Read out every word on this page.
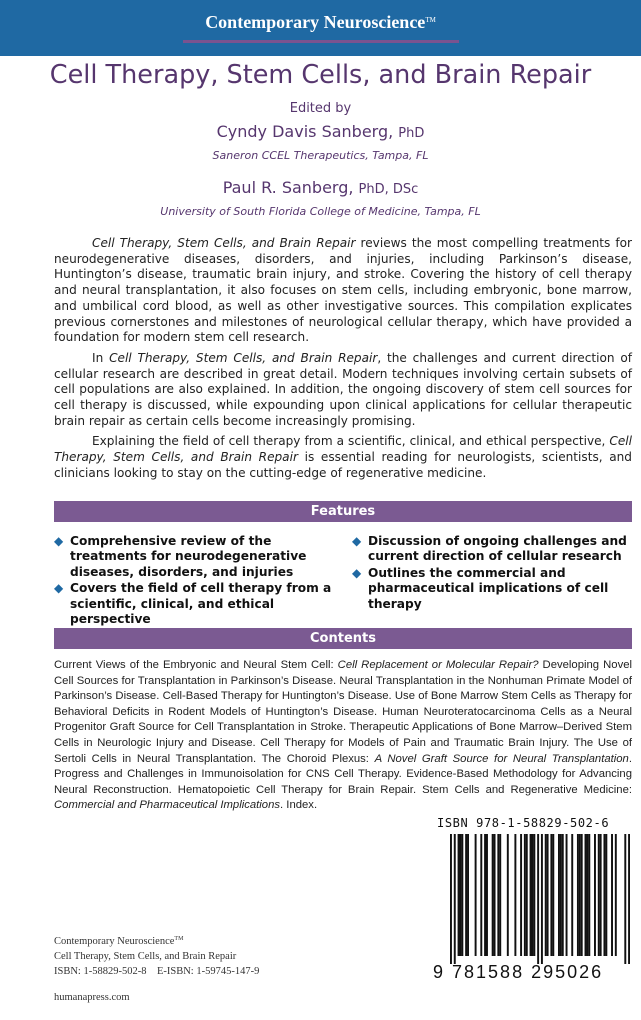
Contemporary Neuroscience™
Cell Therapy, Stem Cells, and Brain Repair
Edited by
Cyndy Davis Sanberg, PhD
Saneron CCEL Therapeutics, Tampa, FL
Paul R. Sanberg, PhD, DSc
University of South Florida College of Medicine, Tampa, FL

Cell Therapy, Stem Cells, and Brain Repair reviews the most compelling treatments for neurodegenerative diseases, disorders, and injuries, including Parkinson’s disease, Huntington’s disease, traumatic brain injury, and stroke. Covering the history of cell therapy and neural transplantation, it also focuses on stem cells, including embryonic, bone marrow, and umbilical cord blood, as well as other investigative sources. This compilation explicates previous cornerstones and milestones of neurological cellular therapy, which have provided a foundation for modern stem cell research.

In Cell Therapy, Stem Cells, and Brain Repair, the challenges and current direction of cellular research are described in great detail. Modern techniques involving certain subsets of cell populations are also explained. In addition, the ongoing discovery of stem cell sources for cell therapy is discussed, while expounding upon clinical applications for cellular therapeutic brain repair as certain cells become increasingly promising.

Explaining the field of cell therapy from a scientific, clinical, and ethical perspective, Cell Therapy, Stem Cells, and Brain Repair is essential reading for neurologists, scientists, and clinicians looking to stay on the cutting-edge of regenerative medicine.

Features
◆ Comprehensive review of the treatments for neurodegenerative diseases, disorders, and injuries
◆ Covers the field of cell therapy from a scientific, clinical, and ethical perspective
◆ Discussion of ongoing challenges and current direction of cellular research
◆ Outlines the commercial and pharmaceutical implications of cell therapy
Contents

Current Views of the Embryonic and Neural Stem Cell: Cell Replacement or Molecular Repair? Developing Novel Cell Sources for Transplantation in Parkinson’s Disease. Neural Transplantation in the Nonhuman Primate Model of Parkinson’s Disease. Cell-Based Therapy for Huntington’s Disease. Use of Bone Marrow Stem Cells as Therapy for Behavioral Deficits in Rodent Models of Huntington’s Disease. Human Neuroteratocarcinoma Cells as a Neural Progenitor Graft Source for Cell Transplantation in Stroke. Therapeutic Applications of Bone Marrow–Derived Stem Cells in Neurologic Injury and Disease. Cell Therapy for Models of Pain and Traumatic Brain Injury. The Use of Sertoli Cells in Neural Transplantation. The Choroid Plexus: A Novel Graft Source for Neural Transplantation. Progress and Challenges in Immunoisolation for CNS Cell Therapy. Evidence-Based Methodology for Advancing Neural Reconstruction. Hematopoietic Cell Therapy for Brain Repair. Stem Cells and Regenerative Medicine: Commercial and Pharmaceutical Implications. Index.

ISBN 978-1-58829-502-6
9 781588 295026
Contemporary Neuroscience™
Cell Therapy, Stem Cells, and Brain Repair
ISBN: 1-58829-502-8    E-ISBN: 1-59745-147-9
humanapress.com
